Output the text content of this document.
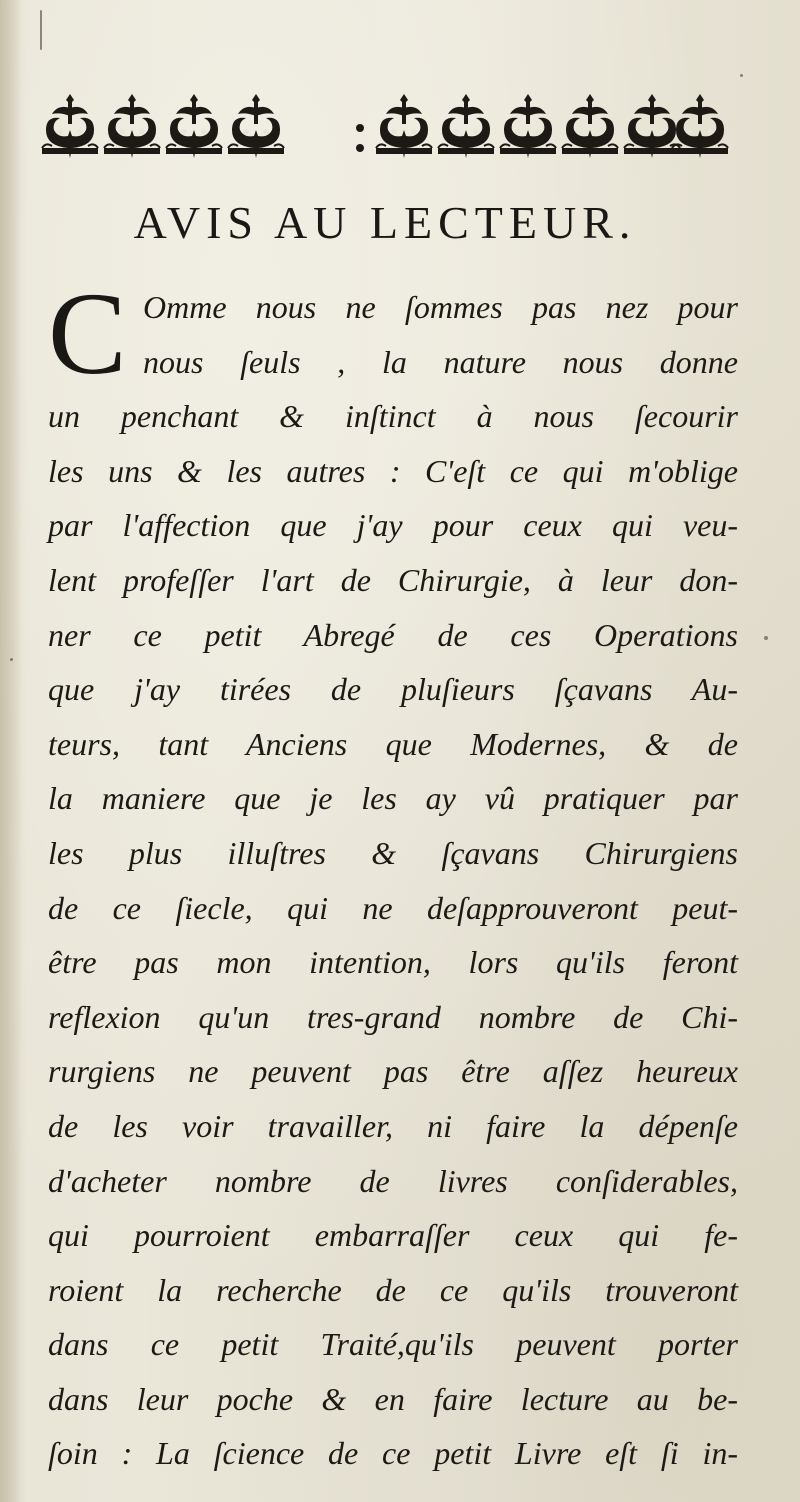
AVIS AU LECTEUR.
C Omme nous ne ſommes pas nez pour
nous ſeuls , la nature nous donne
un penchant & inſtinct à nous ſecourir
les uns & les autres : C'eſt ce qui m'oblige
par l'affection que j'ay pour ceux qui veu-
lent profeſſer l'art de Chirurgie, à leur don-
ner ce petit Abregé de ces Operations
que j'ay tirées de pluſieurs ſçavans Au-
teurs, tant Anciens que Modernes, & de
la maniere que je les ay vû pratiquer par
les plus illuſtres & ſçavans Chirurgiens
de ce ſiecle, qui ne deſapprouveront peut-
être pas mon intention, lors qu'ils feront
reflexion qu'un tres-grand nombre de Chi-
rurgiens ne peuvent pas être aſſez heureux
de les voir travailler, ni faire la dépenſe
d'acheter nombre de livres conſiderables,
qui pourroient embarraſſer ceux qui fe-
roient la recherche de ce qu'ils trouveront
dans ce petit Traité,qu'ils peuvent porter
dans leur poche & en faire lecture au be-
ſoin : La ſcience de ce petit Livre eſt ſi in-
